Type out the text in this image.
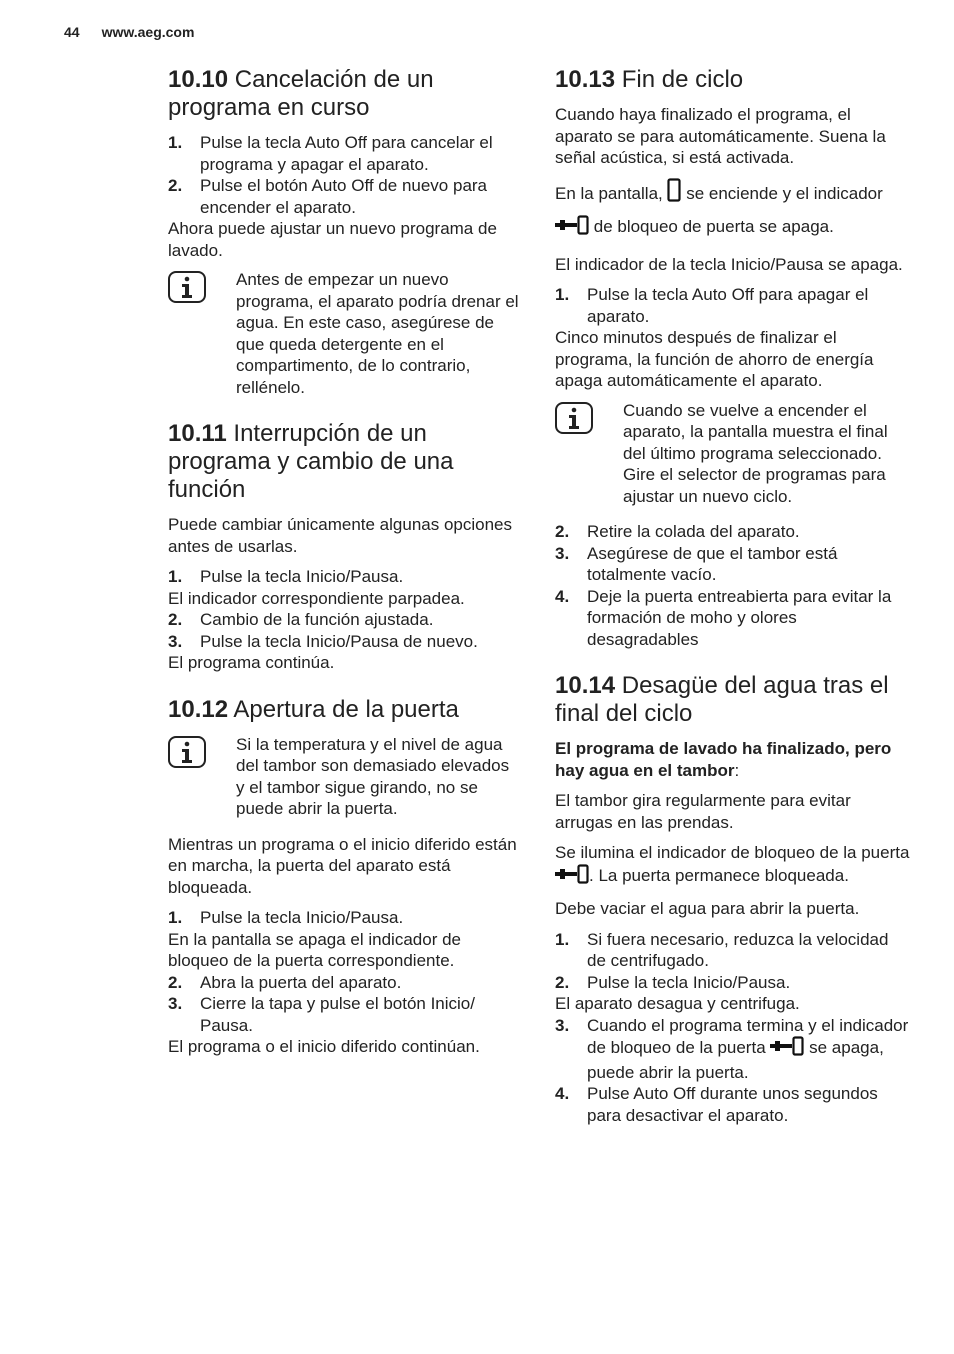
44 www.aeg.com
10.10 Cancelación de un programa en curso
1. Pulse la tecla Auto Off para cancelar el programa y apagar el aparato.
2. Pulse el botón Auto Off de nuevo para encender el aparato.

Ahora puede ajustar un nuevo programa de lavado.

Antes de empezar un nuevo programa, el aparato podría drenar el agua. En este caso, asegúrese de que queda detergente en el compartimento, de lo contrario, rellénelo.
10.11 Interrupción de un programa y cambio de una función

Puede cambiar únicamente algunas opciones antes de usarlas.

1. Pulse la tecla Inicio/Pausa.

El indicador correspondiente parpadea.

2. Cambio de la función ajustada.
3. Pulse la tecla Inicio/Pausa de nuevo.

El programa continúa.

10.12 Apertura de la puerta
Si la temperatura y el nivel de agua del tambor son demasiado elevados y el tambor sigue girando, no se puede abrir la puerta.

Mientras un programa o el inicio diferido están en marcha, la puerta del aparato está bloqueada.

1. Pulse la tecla Inicio/Pausa.

En la pantalla se apaga el indicador de bloqueo de la puerta correspondiente.

2. Abra la puerta del aparato.
3. Cierre la tapa y pulse el botón Inicio/ Pausa.

El programa o el inicio diferido continúan.

10.13 Fin de ciclo

Cuando haya finalizado el programa, el aparato se para automáticamente. Suena la señal acústica, si está activada.

En la pantalla, se enciende y el indicador  de bloqueo de puerta se apaga.

El indicador de la tecla Inicio/Pausa se apaga.

1. Pulse la tecla Auto Off para apagar el aparato.

Cinco minutos después de finalizar el programa, la función de ahorro de energía apaga automáticamente el aparato.

Cuando se vuelve a encender el aparato, la pantalla muestra el final del último programa seleccionado. Gire el selector de programas para ajustar un nuevo ciclo.
2. Retire la colada del aparato.
3. Asegúrese de que el tambor está totalmente vacío.
4. Deje la puerta entreabierta para evitar la formación de moho y olores desagradables
10.14 Desagüe del agua tras el final del ciclo

El programa de lavado ha finalizado, pero hay agua en el tambor:

El tambor gira regularmente para evitar arrugas en las prendas.

Se ilumina el indicador de bloqueo de la puerta . La puerta permanece bloqueada.

Debe vaciar el agua para abrir la puerta.

1. Si fuera necesario, reduzca la velocidad de centrifugado.
2. Pulse la tecla Inicio/Pausa.

El aparato desagua y centrifuga.

3. Cuando el programa termina y el indicador de bloqueo de la puerta	se apaga, puede abrir la puerta.
4. Pulse Auto Off durante unos segundos para desactivar el aparato.
